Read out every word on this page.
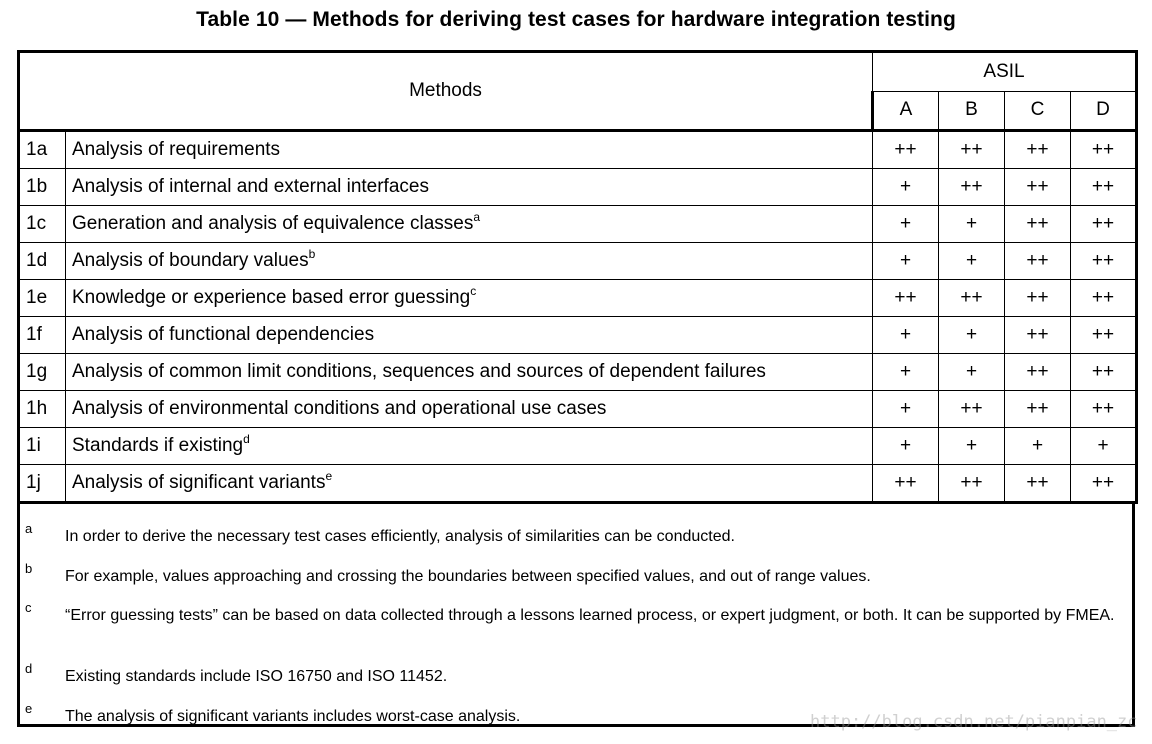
Table 10 — Methods for deriving test cases for hardware integration testing
Methods		ASIL			
		A	B	C	D
1a	Analysis of requirements	++	++	++	++
1b	Analysis of internal and external interfaces	+	++	++	++
1c	Generation and analysis of equivalence classes$^a$	+	+	++	++
1d	Analysis of boundary values$^b$	+	+	++	++
1e	Knowledge or experience based error guessing$^c$	++	++	++	++
1f	Analysis of functional dependencies	+	+	++	++
1g	Analysis of common limit conditions, sequences and sources of dependent failures	+	+	++	++
1h	Analysis of environmental conditions and operational use cases	+	++	++	++
1i	Standards if existing$^d$	+	+	+	+
1j	Analysis of significant variants$^e$	++	++	++	++
a	In order to derive the necessary test cases efficiently, analysis of similarities can be conducted.
b	For example, values approaching and crossing the boundaries between specified values, and out of range values.
c	“Error guessing tests” can be based on data collected through a lessons learned process, or expert judgment, or both. It can be supported by FMEA.
d	Existing standards include ISO 16750 and ISO 11452.
e	The analysis of significant variants includes worst-case analysis.	http://blog.csdn.net/pianpian_zc
